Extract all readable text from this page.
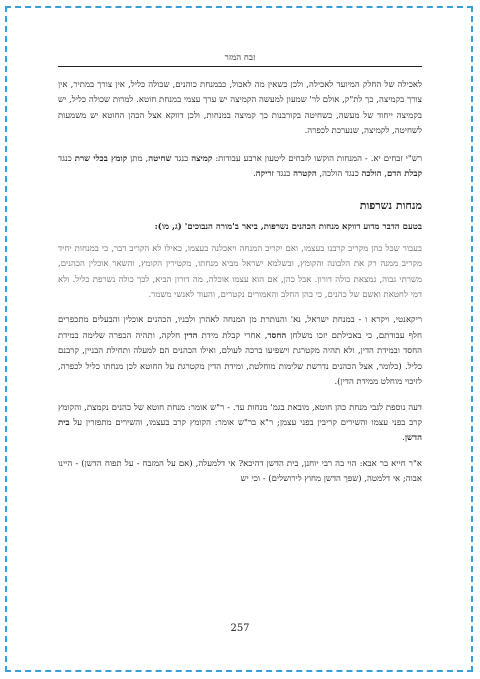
זבח המזר

לאכילה של החלק המיועד לאכילה, ולכן כשאין מה לאכול, כבמנחת כוהנים, שכולה כליל, אין צורך במתיר, אין צורך בקמיצה, כך לת"ק, אולם לר' שמעון למעשה הקמיצה יש ערך עצמי במנחת חוטא. למרות שכולה כליל, יש בקמיצה ייחוד של מעשה, כשחיטה בקורבנות כך קמיצה במנחות, ולכן דווקא אצל הכהן החוטא יש משמעות לשחיטה, לקמיצה, שנערכת לכפרה.

רש"י זבחים יא. - המנחות הוקשו לזבחים ליטעון ארבע עבודות: קמיצה כנגד שחיטה, מתן קומץ בכלי שרת כנגד קבלת הדם, הולכה כנגד הולכה, הקטרה כנגד זריקה.

מנחות נשרפות

בטעם הדבר מדוע דווקא מנחות הכהנים נשרפות, ביאר ב'מורה הנבוכים' (ג, מו):

בעבור שכל כהן מקריב קרבנו בעצמו, ואם יקריב המנחה ויאכלנה בעצמו, כאילו לא הקריב דבר, כי במנחות יחיד מקריב ממנה רק את הלבונה והקומץ, ובשלמא ישראל מביא מנחתו, מקטירין הקומץ, והשאר אוכלין הכהנים, משרתי גבוה, נמצאת כולה דורון. אבל כהן, אם הוא עצמו אוכלה, מה דורון הביא, לכך כולה נשרפת כליל. ולא דמי לחטאת ואשם של כהנים, כי בהן החלב והאמורים נקטרים, והעוד לאנשי משמר.

ריקאנטי, ויקרא ו - במנחת ישראל, נא' והנותרת מן המנחה לאהרן ולבניו, הכהנים אוכלין והבעלים מתכפרים חלף עבודתם, כי באכילתם יזכו משלחן החסד, אחרי קבלת מידת הדין חלקה, ותהיה הכפרה שלימה במידת החסד ובמידת הדין, ולא תהיה מקטרגת וישפיעו ברכה לעולם, ואילו הכהנים הם למעלה ותחילת הבניין, קרבנם כליל. (כלומר, אצל הכהנים נדרשת שלימות מוחלטת, ומידת הדין מקטרגת על החוטא לכן מנחתו כליל לכפרה, לזיכוי מוחלט ממידת הדין).

דעה נוספת לגבי מנחת כהן חוטא, מובאת בגמ' מנחות עד. - ר"ש אומר: מנחת חוטא של כהנים נקמצת, והקומץ קרב בפני עצמו והשירים קריבין בפני עצמן; ר"א בר"ש אומר: הקומץ קרב בעצמו, והשירים מתפזרין על בית הדשן.

א"ר חייא בר אבא: הוי בה רבי יוחנן, בית הדשן דהיכא? אי דלמעלה, (אם על המזבח - על תפוח הדשן) - היינו אבוה; אי דלמטה, (שפך הדשן מחוץ לירושלים) - וכי יש

257
